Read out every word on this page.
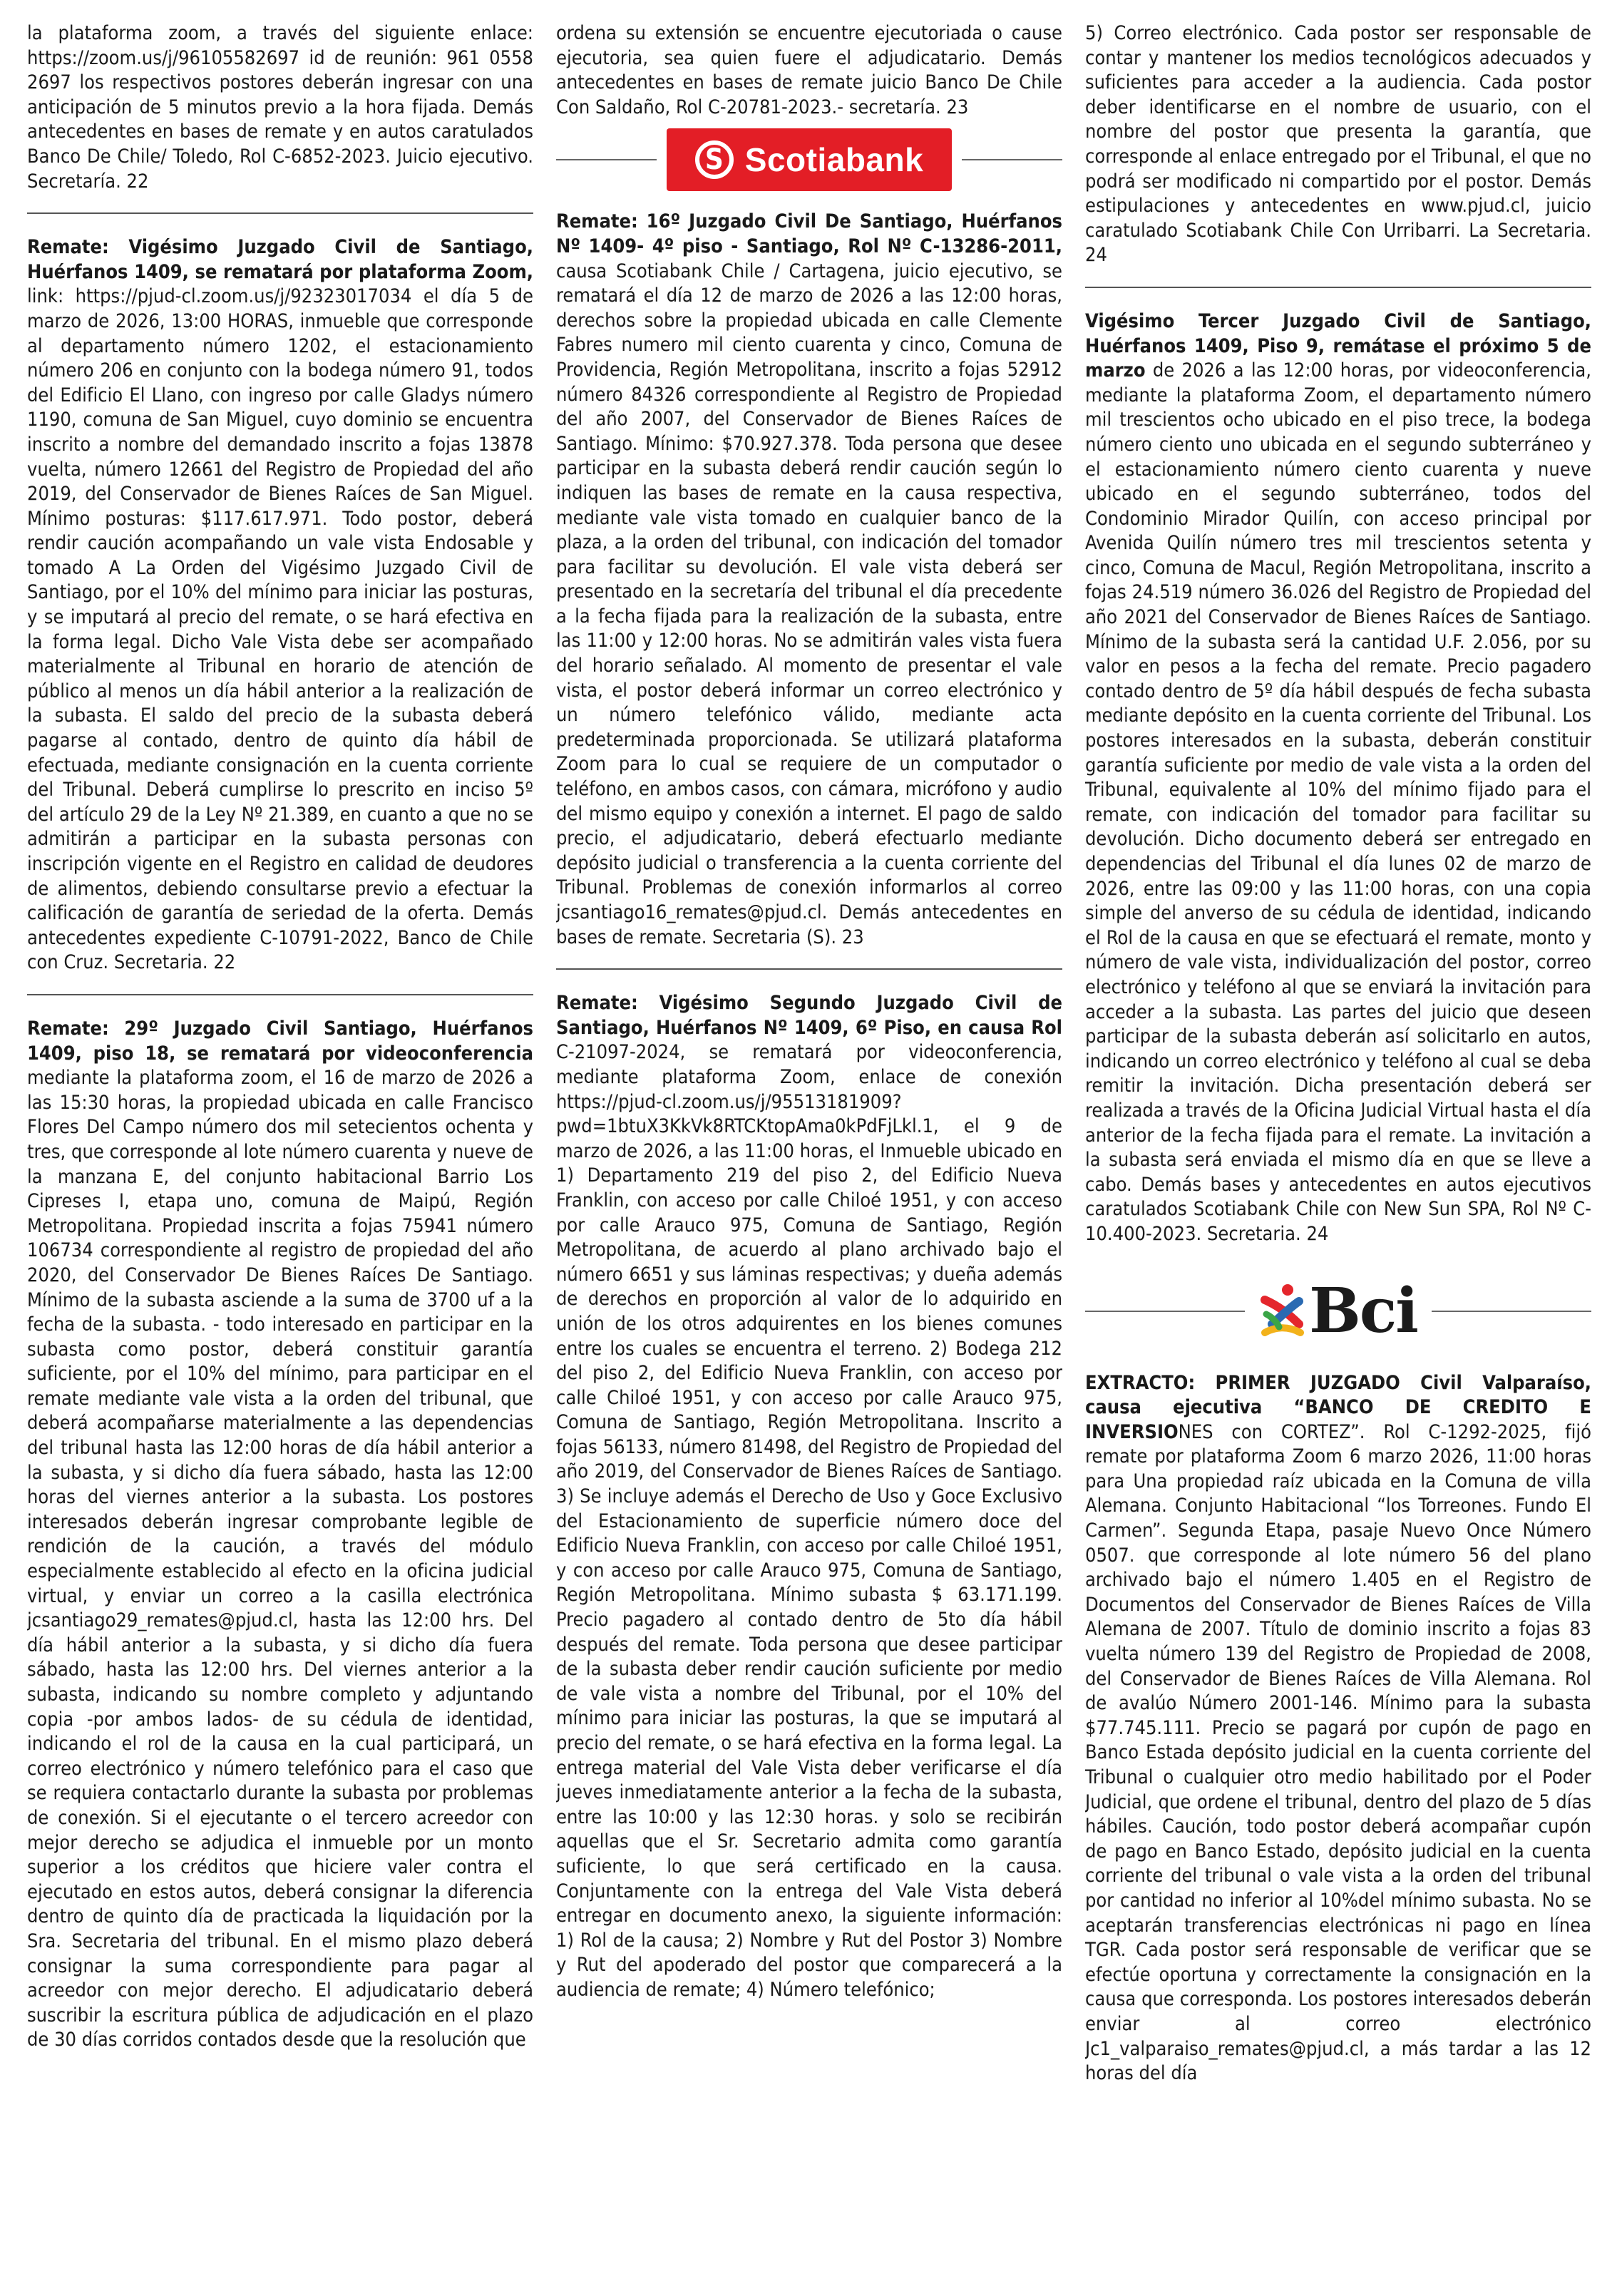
la plataforma zoom, a través del siguiente enlace: https://zoom.us/j/96105582697 id de reunión: 961 0558 2697 los respectivos postores deberán ingresar con una anticipación de 5 minutos previo a la hora fijada. Demás antecedentes en bases de remate y en autos caratulados Banco De Chile/ Toledo, Rol C-6852-2023. Juicio ejecutivo. Secretaría. 22

Remate: Vigésimo Juzgado Civil de Santiago, Huérfanos 1409, se rematará por plataforma Zoom, link: https://pjud-cl.zoom.us/j/92323017034 el día 5 de marzo de 2026, 13:00 HORAS, inmueble que corresponde al departamento número 1202, el estacionamiento número 206 en conjunto con la bodega número 91, todos del Edificio El Llano, con ingreso por calle Gladys número 1190, comuna de San Miguel, cuyo dominio se encuentra inscrito a nombre del demandado inscrito a fojas 13878 vuelta, número 12661 del Registro de Propiedad del año 2019, del Conservador de Bienes Raíces de San Miguel. Mínimo posturas: $117.617.971. Todo postor, deberá rendir caución acompañando un vale vista Endosable y tomado A La Orden del Vigésimo Juzgado Civil de Santiago, por el 10% del mínimo para iniciar las posturas, y se imputará al precio del remate, o se hará efectiva en la forma legal. Dicho Vale Vista debe ser acompañado materialmente al Tribunal en horario de atención de público al menos un día hábil anterior a la realización de la subasta. El saldo del precio de la subasta deberá pagarse al contado, dentro de quinto día hábil de efectuada, mediante consignación en la cuenta corriente del Tribunal. Deberá cumplirse lo prescrito en inciso 5º del artículo 29 de la Ley Nº 21.389, en cuanto a que no se admitirán a participar en la subasta personas con inscripción vigente en el Registro en calidad de deudores de alimentos, debiendo consultarse previo a efectuar la calificación de garantía de seriedad de la oferta. Demás antecedentes expediente C-10791-2022, Banco de Chile con Cruz. Secretaria. 22

Remate: 29º Juzgado Civil Santiago, Huérfanos 1409, piso 18, se rematará por videoconferencia mediante la plataforma zoom, el 16 de marzo de 2026 a las 15:30 horas, la propiedad ubicada en calle Francisco Flores Del Campo número dos mil setecientos ochenta y tres, que corresponde al lote número cuarenta y nueve de la manzana E, del conjunto habitacional Barrio Los Cipreses I, etapa uno, comuna de Maipú, Región Metropolitana. Propiedad inscrita a fojas 75941 número 106734 correspondiente al registro de propiedad del año 2020, del Conservador De Bienes Raíces De Santiago. Mínimo de la subasta asciende a la suma de 3700 uf a la fecha de la subasta. - todo interesado en participar en la subasta como postor, deberá constituir garantía suficiente, por el 10% del mínimo, para participar en el remate mediante vale vista a la orden del tribunal, que deberá acompañarse materialmente a las dependencias del tribunal hasta las 12:00 horas de día hábil anterior a la subasta, y si dicho día fuera sábado, hasta las 12:00 horas del viernes anterior a la subasta. Los postores interesados deberán ingresar comprobante legible de rendición de la caución, a través del módulo especialmente establecido al efecto en la oficina judicial virtual, y enviar un correo a la casilla electrónica jcsantiago29_remates@pjud.cl, hasta las 12:00 hrs. Del día hábil anterior a la subasta, y si dicho día fuera sábado, hasta las 12:00 hrs. Del viernes anterior a la subasta, indicando su nombre completo y adjuntando copia -por ambos lados- de su cédula de identidad, indicando el rol de la causa en la cual participará, un correo electrónico y número telefónico para el caso que se requiera contactarlo durante la subasta por problemas de conexión. Si el ejecutante o el tercero acreedor con mejor derecho se adjudica el inmueble por un monto superior a los créditos que hiciere valer contra el ejecutado en estos autos, deberá consignar la diferencia dentro de quinto día de practicada la liquidación por la Sra. Secretaria del tribunal. En el mismo plazo deberá consignar la suma correspondiente para pagar al acreedor con mejor derecho. El adjudicatario deberá suscribir la escritura pública de adjudicación en el plazo de 30 días corridos contados desde que la resolución que

ordena su extensión se encuentre ejecutoriada o cause ejecutoria, sea quien fuere el adjudicatario. Demás antecedentes en bases de remate juicio Banco De Chile Con Saldaño, Rol C-20781-2023.- secretaría. 23

S Scotiabank

Remate: 16º Juzgado Civil De Santiago, Huérfanos Nº 1409- 4º piso - Santiago, Rol Nº C-13286-2011, causa Scotiabank Chile / Cartagena, juicio ejecutivo, se rematará el día 12 de marzo de 2026 a las 12:00 horas, derechos sobre la propiedad ubicada en calle Clemente Fabres numero mil ciento cuarenta y cinco, Comuna de Providencia, Región Metropolitana, inscrito a fojas 52912 número 84326 correspondiente al Registro de Propiedad del año 2007, del Conservador de Bienes Raíces de Santiago. Mínimo: $70.927.378. Toda persona que desee participar en la subasta deberá rendir caución según lo indiquen las bases de remate en la causa respectiva, mediante vale vista tomado en cualquier banco de la plaza, a la orden del tribunal, con indicación del tomador para facilitar su devolución. El vale vista deberá ser presentado en la secretaría del tribunal el día precedente a la fecha fijada para la realización de la subasta, entre las 11:00 y 12:00 horas. No se admitirán vales vista fuera del horario señalado. Al momento de presentar el vale vista, el postor deberá informar un correo electrónico y un número telefónico válido, mediante acta predeterminada proporcionada. Se utilizará plataforma Zoom para lo cual se requiere de un computador o teléfono, en ambos casos, con cámara, micrófono y audio del mismo equipo y conexión a internet. El pago de saldo precio, el adjudicatario, deberá efectuarlo mediante depósito judicial o transferencia a la cuenta corriente del Tribunal. Problemas de conexión informarlos al correo jcsantiago16_remates@pjud.cl. Demás antecedentes en bases de remate. Secretaria (S). 23

Remate: Vigésimo Segundo Juzgado Civil de Santiago, Huérfanos Nº 1409, 6º Piso, en causa Rol C-21097-2024, se rematará por videoconferencia, mediante plataforma Zoom, enlace de conexión https://pjud-cl.zoom.us/j/95513181909?pwd=1btuX3KkVk8RTCKtopAma0kPdFjLkl.1, el 9 de marzo de 2026, a las 11:00 horas, el Inmueble ubicado en 1) Departamento 219 del piso 2, del Edificio Nueva Franklin, con acceso por calle Chiloé 1951, y con acceso por calle Arauco 975, Comuna de Santiago, Región Metropolitana, de acuerdo al plano archivado bajo el número 6651 y sus láminas respectivas; y dueña además de derechos en proporción al valor de lo adquirido en unión de los otros adquirentes en los bienes comunes entre los cuales se encuentra el terreno. 2) Bodega 212 del piso 2, del Edificio Nueva Franklin, con acceso por calle Chiloé 1951, y con acceso por calle Arauco 975, Comuna de Santiago, Región Metropolitana. Inscrito a fojas 56133, número 81498, del Registro de Propiedad del año 2019, del Conservador de Bienes Raíces de Santiago. 3) Se incluye además el Derecho de Uso y Goce Exclusivo del Estacionamiento de superficie número doce del Edificio Nueva Franklin, con acceso por calle Chiloé 1951, y con acceso por calle Arauco 975, Comuna de Santiago, Región Metropolitana. Mínimo subasta $ 63.171.199. Precio pagadero al contado dentro de 5to día hábil después del remate. Toda persona que desee participar de la subasta deber rendir caución suficiente por medio de vale vista a nombre del Tribunal, por el 10% del mínimo para iniciar las posturas, la que se imputará al precio del remate, o se hará efectiva en la forma legal. La entrega material del Vale Vista deber verificarse el día jueves inmediatamente anterior a la fecha de la subasta, entre las 10:00 y las 12:30 horas. y solo se recibirán aquellas que el Sr. Secretario admita como garantía suficiente, lo que será certificado en la causa. Conjuntamente con la entrega del Vale Vista deberá entregar en documento anexo, la siguiente información: 1) Rol de la causa; 2) Nombre y Rut del Postor 3) Nombre y Rut del apoderado del postor que comparecerá a la audiencia de remate; 4) Número telefónico;

5) Correo electrónico. Cada postor ser responsable de contar y mantener los medios tecnológicos adecuados y suficientes para acceder a la audiencia. Cada postor deber identificarse en el nombre de usuario, con el nombre del postor que presenta la garantía, que corresponde al enlace entregado por el Tribunal, el que no podrá ser modificado ni compartido por el postor. Demás estipulaciones y antecedentes en www.pjud.cl, juicio caratulado Scotiabank Chile Con Urribarri. La Secretaria. 24

Vigésimo Tercer Juzgado Civil de Santiago, Huérfanos 1409, Piso 9, remátase el próximo 5 de marzo de 2026 a las 12:00 horas, por videoconferencia, mediante la plataforma Zoom, el departamento número mil trescientos ocho ubicado en el piso trece, la bodega número ciento uno ubicada en el segundo subterráneo y el estacionamiento número ciento cuarenta y nueve ubicado en el segundo subterráneo, todos del Condominio Mirador Quilín, con acceso principal por Avenida Quilín número tres mil trescientos setenta y cinco, Comuna de Macul, Región Metropolitana, inscrito a fojas 24.519 número 36.026 del Registro de Propiedad del año 2021 del Conservador de Bienes Raíces de Santiago. Mínimo de la subasta será la cantidad U.F. 2.056, por su valor en pesos a la fecha del remate. Precio pagadero contado dentro de 5º día hábil después de fecha subasta mediante depósito en la cuenta corriente del Tribunal. Los postores interesados en la subasta, deberán constituir garantía suficiente por medio de vale vista a la orden del Tribunal, equivalente al 10% del mínimo fijado para el remate, con indicación del tomador para facilitar su devolución. Dicho documento deberá ser entregado en dependencias del Tribunal el día lunes 02 de marzo de 2026, entre las 09:00 y las 11:00 horas, con una copia simple del anverso de su cédula de identidad, indicando el Rol de la causa en que se efectuará el remate, monto y número de vale vista, individualización del postor, correo electrónico y teléfono al que se enviará la invitación para acceder a la subasta. Las partes del juicio que deseen participar de la subasta deberán así solicitarlo en autos, indicando un correo electrónico y teléfono al cual se deba remitir la invitación. Dicha presentación deberá ser realizada a través de la Oficina Judicial Virtual hasta el día anterior de la fecha fijada para el remate. La invitación a la subasta será enviada el mismo día en que se lleve a cabo. Demás bases y antecedentes en autos ejecutivos caratulados Scotiabank Chile con New Sun SPA, Rol Nº C-10.400-2023. Secretaria. 24

Bci

EXTRACTO: PRIMER JUZGADO Civil Valparaíso, causa ejecutiva “BANCO DE CREDITO E INVERSIONES con CORTEZ”. Rol C-1292-2025, fijó remate por plataforma Zoom 6 marzo 2026, 11:00 horas para Una propiedad raíz ubicada en la Comuna de villa Alemana. Conjunto Habitacional “los Torreones. Fundo El Carmen”. Segunda Etapa, pasaje Nuevo Once Número 0507. que corresponde al lote número 56 del plano archivado bajo el número 1.405 en el Registro de Documentos del Conservador de Bienes Raíces de Villa Alemana de 2007. Título de dominio inscrito a fojas 83 vuelta número 139 del Registro de Propiedad de 2008, del Conservador de Bienes Raíces de Villa Alemana. Rol de avalúo Número 2001-146. Mínimo para la subasta $77.745.111. Precio se pagará por cupón de pago en Banco Estada depósito judicial en la cuenta corriente del Tribunal o cualquier otro medio habilitado por el Poder Judicial, que ordene el tribunal, dentro del plazo de 5 días hábiles. Caución, todo postor deberá acompañar cupón de pago en Banco Estado, depósito judicial en la cuenta corriente del tribunal o vale vista a la orden del tribunal por cantidad no inferior al 10%del mínimo subasta. No se aceptarán transferencias electrónicas ni pago en línea TGR. Cada postor será responsable de verificar que se efectúe oportuna y correctamente la consignación en la causa que corresponda. Los postores interesados deberán enviar al correo electrónico Jc1_valparaiso_remates@pjud.cl, a más tardar a las 12 horas del día
